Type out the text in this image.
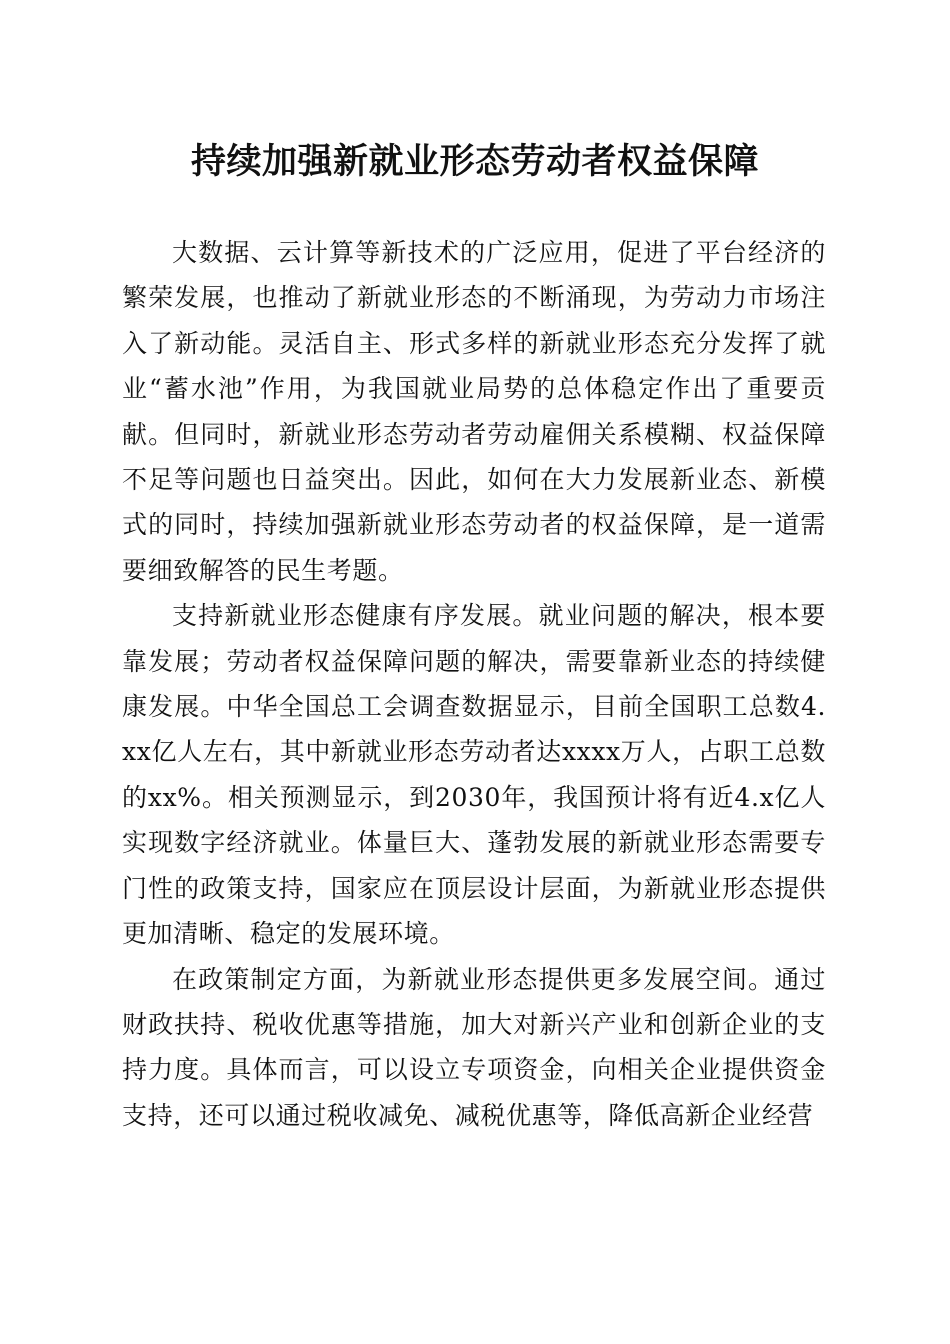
持续加强新就业形态劳动者权益保障

大数据、云计算等新技术的广泛应用，促进了平台经济的繁荣发展，也推动了新就业形态的不断涌现，为劳动力市场注入了新动能。灵活自主、形式多样的新就业形态充分发挥了就业“蓄水池”作用，为我国就业局势的总体稳定作出了重要贡献。但同时，新就业形态劳动者劳动雇佣关系模糊、权益保障不足等问题也日益突出。因此，如何在大力发展新业态、新模式的同时，持续加强新就业形态劳动者的权益保障，是一道需要细致解答的民生考题。

支持新就业形态健康有序发展。就业问题的解决，根本要靠发展；劳动者权益保障问题的解决，需要靠新业态的持续健康发展。中华全国总工会调查数据显示，目前全国职工总数4.xx亿人左右，其中新就业形态劳动者达xxxx万人，占职工总数的xx%。相关预测显示，到2030年，我国预计将有近4.x亿人实现数字经济就业。体量巨大、蓬勃发展的新就业形态需要专门性的政策支持，国家应在顶层设计层面，为新就业形态提供更加清晰、稳定的发展环境。

在政策制定方面，为新就业形态提供更多发展空间。通过财政扶持、税收优惠等措施，加大对新兴产业和创新企业的支持力度。具体而言，可以设立专项资金，向相关企业提供资金支持，还可以通过税收减免、减税优惠等，降低高新企业经营
